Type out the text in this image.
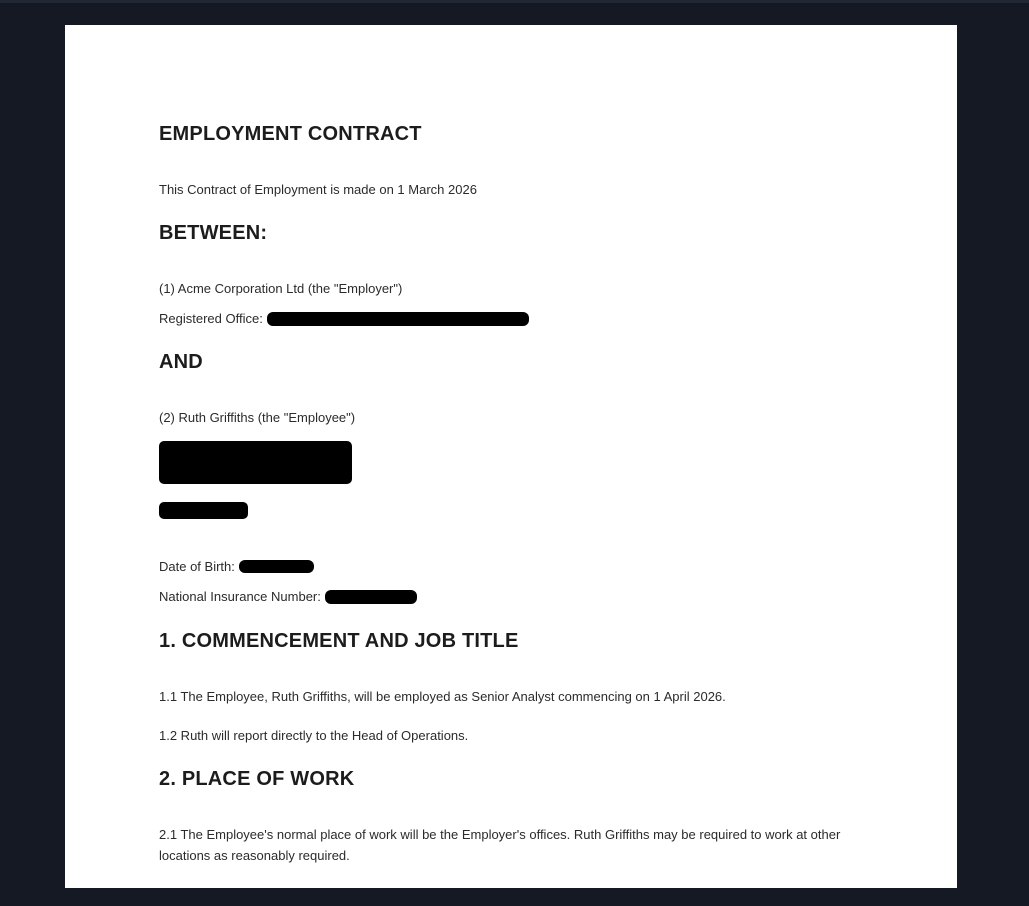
EMPLOYMENT CONTRACT

This Contract of Employment is made on 1 March 2026

BETWEEN:

(1) Acme Corporation Ltd (the "Employer")

Registered Office:

AND

(2) Ruth Griffiths (the "Employee")

Date of Birth:

National Insurance Number:

1. COMMENCEMENT AND JOB TITLE

1.1 The Employee, Ruth Griffiths, will be employed as Senior Analyst commencing on 1 April 2026.

1.2 Ruth will report directly to the Head of Operations.

2. PLACE OF WORK

2.1 The Employee's normal place of work will be the Employer's offices. Ruth Griffiths may be required to work at other locations as reasonably required.
